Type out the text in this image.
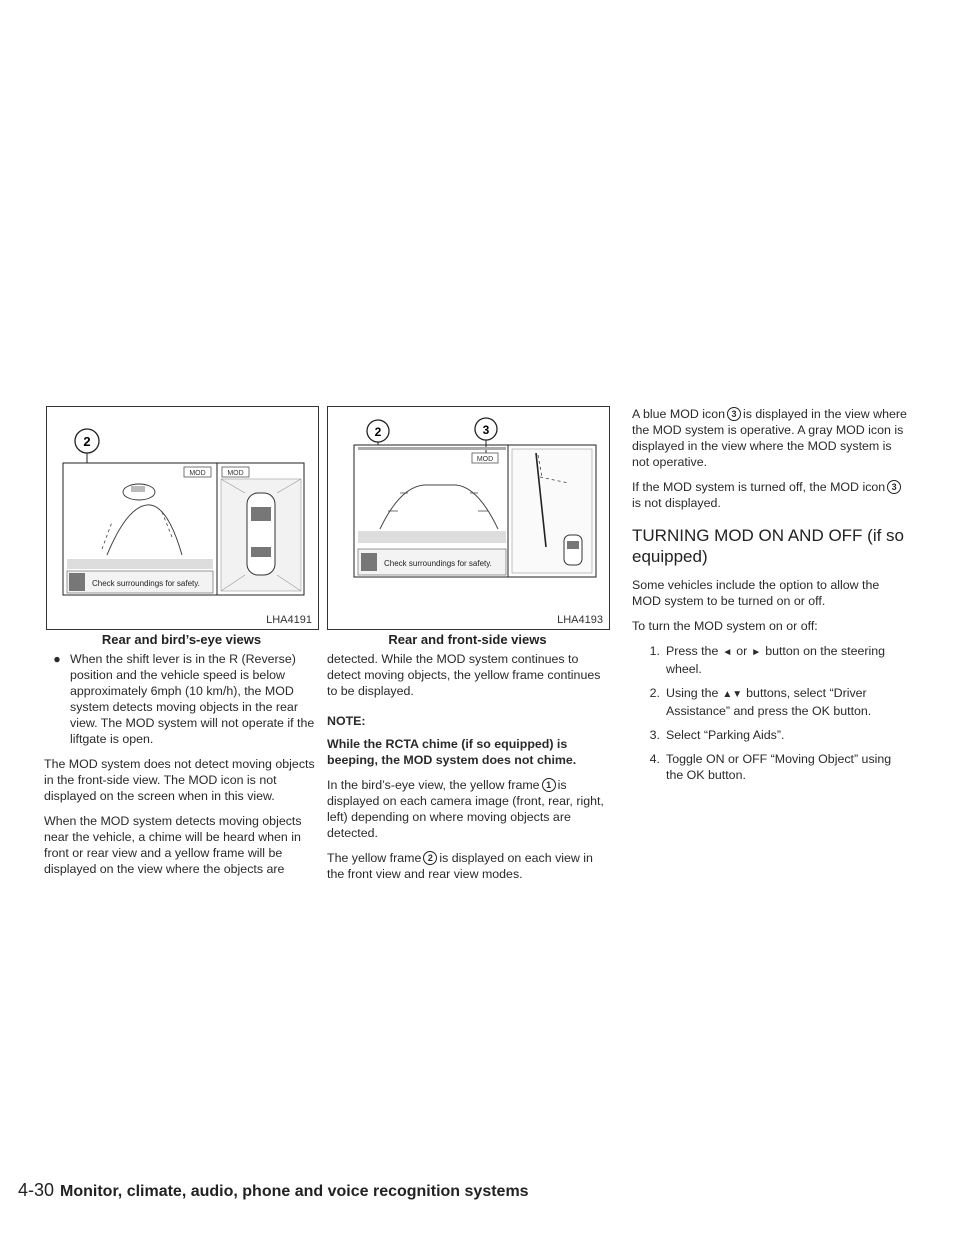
2
MOD
Check surroundings for safety.
MOD
LHA4191
Rear and bird’s-eye views
2	3
MOD
Check surroundings for safety.
LHA4193
Rear and front-side views
● When the shift lever is in the R (Reverse) position and the vehicle speed is below approximately 6mph (10 km/h), the MOD system detects moving objects in the rear view. The MOD system will not operate if the liftgate is open.

The MOD system does not detect moving objects in the front-side view. The MOD icon is not displayed on the screen when in this view.

When the MOD system detects moving objects near the vehicle, a chime will be heard when in front or rear view and a yellow frame will be displayed on the view where the objects are

detected. While the MOD system continues to detect moving objects, the yellow frame continues to be displayed.

NOTE:

While the RCTA chime (if so equipped) is beeping, the MOD system does not chime.

In the bird’s-eye view, the yellow frame 1 is displayed on each camera image (front, rear, right, left) depending on where moving objects are detected.

The yellow frame 2 is displayed on each view in the front view and rear view modes.

A blue MOD icon 3 is displayed in the view where the MOD system is operative. A gray MOD icon is displayed in the view where the MOD system is not operative.

If the MOD system is turned off, the MOD icon 3is not displayed.

TURNING MOD ON AND OFF (if so equipped)

Some vehicles include the option to allow the MOD system to be turned on or off.

To turn the MOD system on or off:

1. Press the ◄ or ► button on the steering wheel.
2. Using the ▲▼ buttons, select “Driver Assistance” and press the OK button.
3. Select “Parking Aids”.
4. Toggle ON or OFF “Moving Object” using the OK button.
4-30 Monitor, climate, audio, phone and voice recognition systems
